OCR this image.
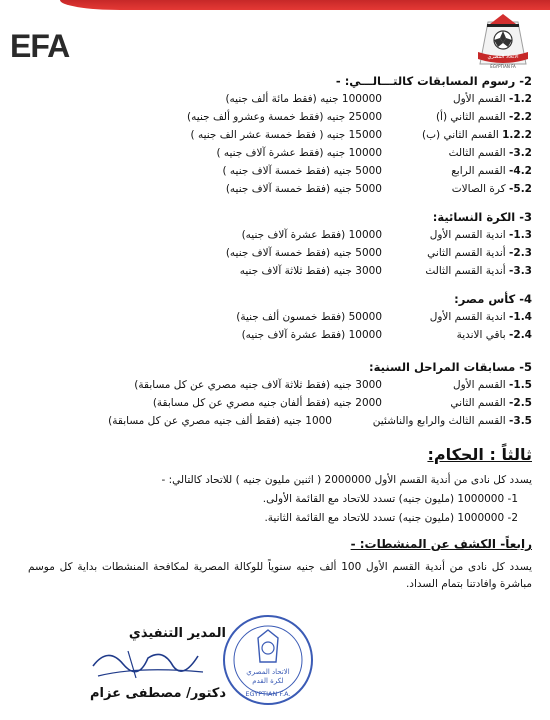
EFA	الاتحاد المصري
EGYPTIAN FA
2- رسوم المسابقات كالتـــالـــي: -
1.2- القسم الأول
100000 جنيه (فقط مائة ألف جنيه)
2.2- القسم الثاني (أ)
25000 جنيه (فقط خمسة وعشرو ألف جنيه)
1.2.2 القسم الثاني (ب)
15000 جنيه ( فقط خمسة عشر الف جنيه )
3.2- القسم الثالث
10000 جنيه (فقط عشرة آلاف جنيه )
4.2- القسم الرابع
5000 جنيه (فقط خمسة آلاف جنيه )
5.2- كرة الصالات
5000 جنيه (فقط خمسة آلاف جنيه)
3- الكرة النسائية:
1.3- اندية القسم الأول
10000 (فقط عشرة آلاف جنيه)
2.3- أندية القسم الثاني
5000 جنيه (فقط خمسة آلاف جنيه)
3.3- أندية القسم الثالث
3000 جنيه (فقط ثلاثة آلاف جنيه
4- كأس مصر:
1.4- اندية القسم الأول
50000 (فقط خمسون ألف جنية)
2.4- باقي الاندية
10000 (فقط عشرة آلاف جنيه)
5- مسابقات المراحل السنية:
1.5- القسم الأول
3000 جنيه (فقط ثلاثة آلاف جنيه مصري عن كل مسابقة)
2.5- القسم الثاني
2000 جنيه (فقط ألفان جنيه مصري عن كل مسابقة)
3.5- القسم الثالث والرابع والناشئين
1000 جنيه (فقط ألف جنيه مصري عن كل مسابقة)
ثالثاً : الحكام:
يسدد كل نادى من أندية القسم الأول 2000000 ( اثنين مليون جنيه ) للاتحاد كالتالي: -
1- 1000000 (مليون جنيه) تسدد للاتحاد مع القائمة الأولى.
2- 1000000 (مليون جنيه) تسدد للاتحاد مع القائمة الثانية.
رابعاً- الكشف عن المنشطات: -
يسدد كل نادى من أندية القسم الأول 100 ألف جنيه سنوياً للوكالة المصرية لمكافحة المنشطات بداية كل موسم مباشرة وافادتنا بتمام السداد.
المدير التنفيذي
دكتور/ مصطفى عزام
الاتحاد المصري
لكرة القدم
EGYPTIAN F.A.
